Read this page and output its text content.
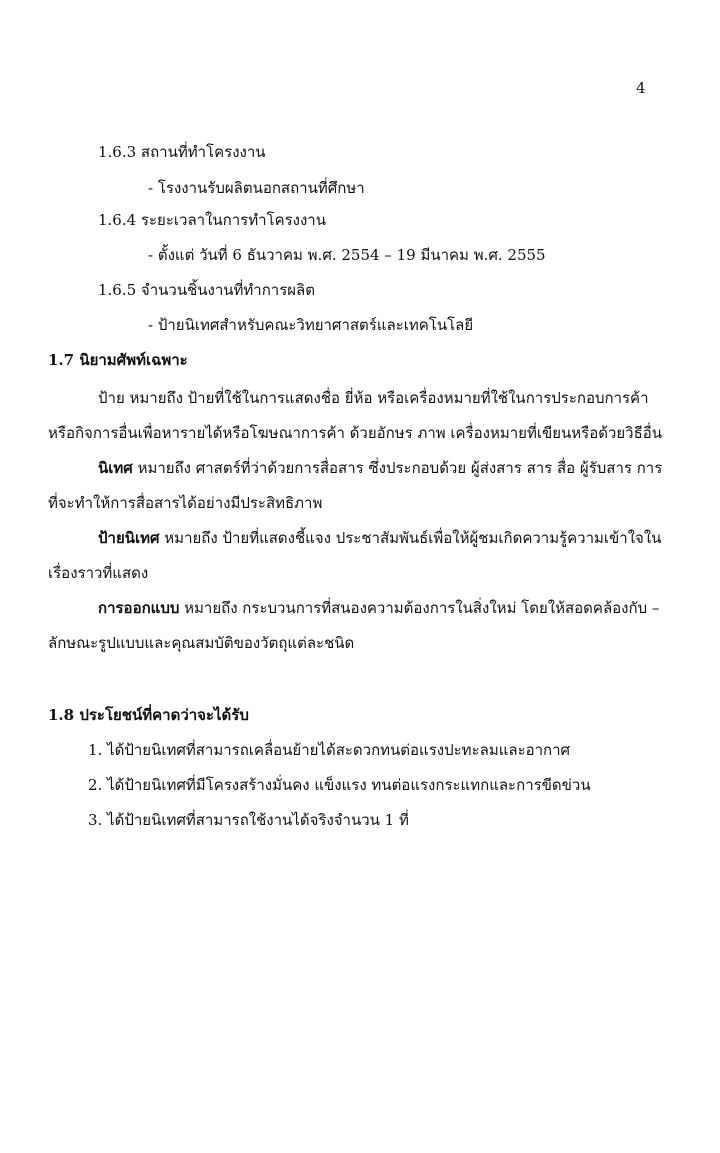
4
1.6.3 สถานที่ทำโครงงาน
- โรงงานรับผลิตนอกสถานที่ศึกษา
1.6.4 ระยะเวลาในการทำโครงงาน
- ตั้งแต่ วันที่ 6 ธันวาคม พ.ศ. 2554 – 19 มีนาคม พ.ศ. 2555
1.6.5 จำนวนชิ้นงานที่ทำการผลิต
- ป้ายนิเทศสำหรับคณะวิทยาศาสตร์และเทคโนโลยี
1.7 นิยามศัพท์เฉพาะ
ป้าย หมายถึง ป้ายที่ใช้ในการแสดงชื่อ ยี่ห้อ หรือเครื่องหมายที่ใช้ในการประกอบการค้า
หรือกิจการอื่นเพื่อหารายได้หรือโฆษณาการค้า ด้วยอักษร ภาพ เครื่องหมายที่เขียนหรือด้วยวิธีอื่น
นิเทศ หมายถึง ศาสตร์ที่ว่าด้วยการสื่อสาร ซึ่งประกอบด้วย ผู้ส่งสาร สาร สื่อ ผู้รับสาร การ
ที่จะทำให้การสื่อสารได้อย่างมีประสิทธิภาพ
ป้ายนิเทศ หมายถึง ป้ายที่แสดงชี้แจง ประชาสัมพันธ์เพื่อให้ผู้ชมเกิดความรู้ความเข้าใจใน
เรื่องราวที่แสดง
การออกแบบ หมายถึง กระบวนการที่สนองความต้องการในสิ่งใหม่ โดยให้สอดคล้องกับ –
ลักษณะรูปแบบและคุณสมบัติของวัตถุแต่ละชนิด
1.8 ประโยชน์ที่คาดว่าจะได้รับ
1. ได้ป้ายนิเทศที่สามารถเคลื่อนย้ายได้สะดวกทนต่อแรงปะทะลมและอากาศ
2. ได้ป้ายนิเทศที่มีโครงสร้างมั่นคง แข็งแรง ทนต่อแรงกระแทกและการขีดข่วน
3. ได้ป้ายนิเทศที่สามารถใช้งานได้จริงจำนวน 1 ที่
